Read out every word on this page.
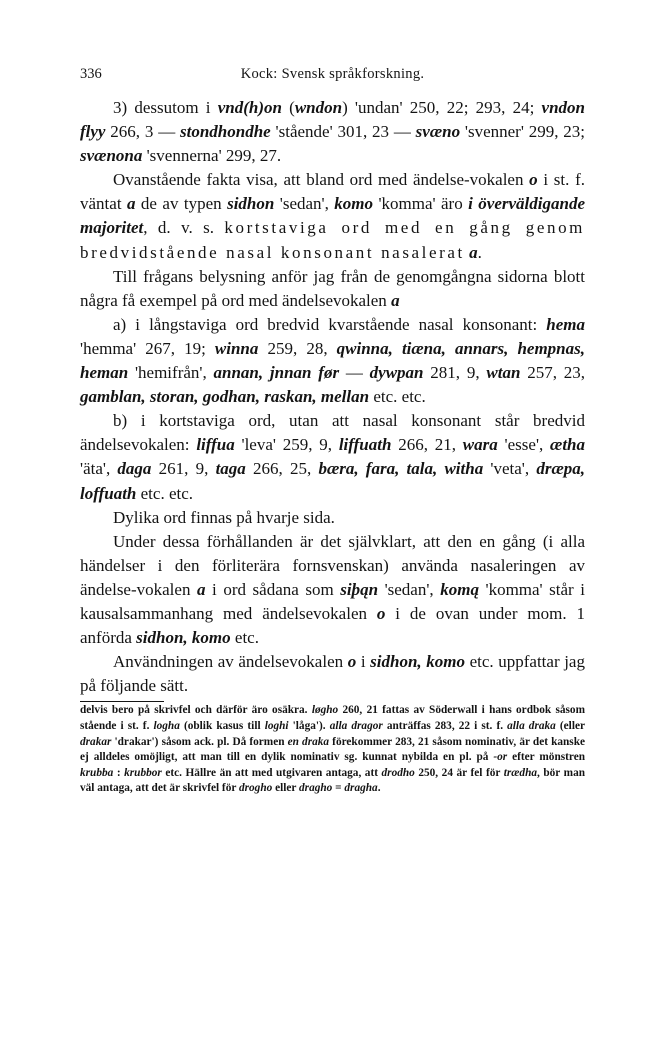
336	Kock: Svensk språkforskning.

3) dessutom i vnd(h)on (wndon) 'undan' 250, 22; 293, 24; vndon flyy 266, 3 — stondhondhe 'stående' 301, 23 — svæno 'svenner' 299, 23; svænona 'svennerna' 299, 27.

Ovanstående fakta visa, att bland ord med ändelse-vokalen o i st. f. väntat a de av typen sidhon 'sedan', komo 'komma' äro i överväldigande majoritet, d. v. s. kortstaviga ord med en gång genom bredvidstående nasal konsonant nasalerat a.

Till frågans belysning anför jag från de genomgångna sidorna blott några få exempel på ord med ändelsevokalen a

a) i långstaviga ord bredvid kvarstående nasal konsonant: hema 'hemma' 267, 19; winna 259, 28, qwinna, tiæna, annars, hempnas, heman 'hemifrån', annan, jnnan før — dywpan 281, 9, wtan 257, 23, gamblan, storan, godhan, raskan, mellan etc. etc.

b) i kortstaviga ord, utan att nasal konsonant står bredvid ändelsevokalen: liffua 'leva' 259, 9, liffuath 266, 21, wara 'esse', ætha 'äta', daga 261, 9, taga 266, 25, bæra, fara, tala, witha 'veta', dræpa, loffuath etc. etc.

Dylika ord finnas på hvarje sida.

Under dessa förhållanden är det självklart, att den en gång (i alla händelser i den förliterära fornsvenskan) använda nasaleringen av ändelse-vokalen a i ord sådana som siþąn 'sedan', komą 'komma' står i kausalsammanhang med ändelsevokalen o i de ovan under mom. 1 anförda sidhon, komo etc.

Användningen av ändelsevokalen o i sidhon, komo etc. uppfattar jag på följande sätt.

delvis bero på skrivfel och därför äro osäkra. løgho 260, 21 fattas av Söderwall i hans ordbok såsom stående i st. f. logha (oblik kasus till loghi 'låga'). alla dragor anträffas 283, 22 i st. f. alla draka (eller drakar 'drakar') såsom ack. pl. Då formen en draka förekommer 283, 21 såsom nominativ, är det kanske ej alldeles omöjligt, att man till en dylik nominativ sg. kunnat nybilda en pl. på -or efter mönstren krubba : krubbor etc. Hällre än att med utgivaren antaga, att drodho 250, 24 är fel för trædha, bör man väl antaga, att det är skrivfel för drogho eller dragho = dragha.
